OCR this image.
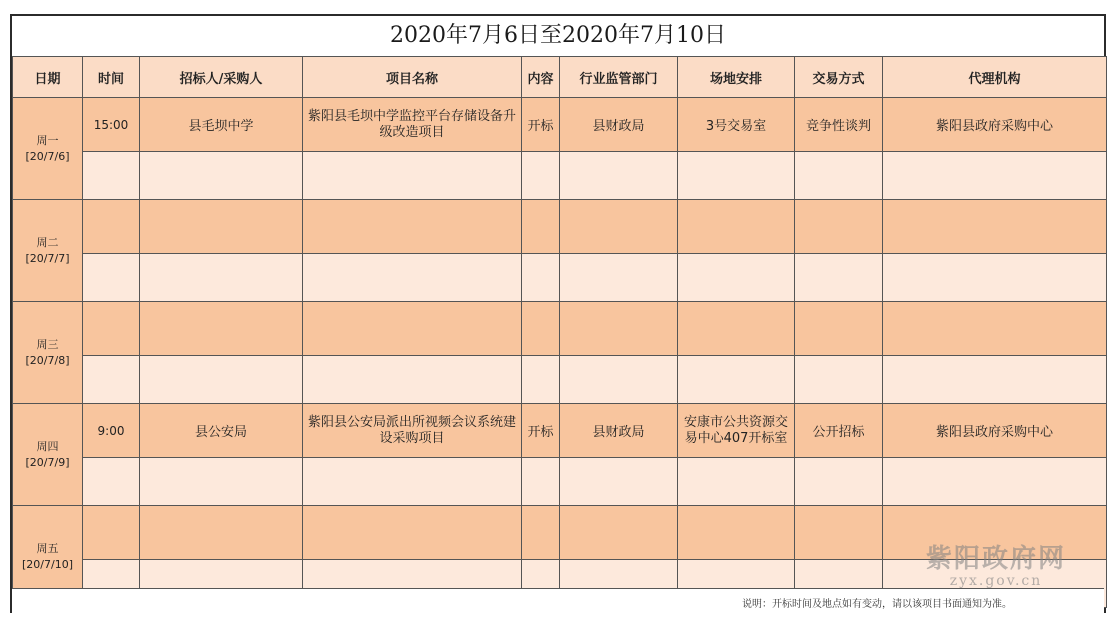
2020年7月6日至2020年7月10日
日期	时间	招标人/采购人	项目名称	内容	行业监管部门	场地安排	交易方式	代理机构

周一
[20/7/6]	15:00	县毛坝中学	紫阳县毛坝中学监控平台存储设备升级改造项目	开标	县财政局	3号交易室	竞争性谈判	紫阳县政府采购中心

周二
[20/7/7]								

周三
[20/7/8]								

周四
[20/7/9]	9:00	县公安局	紫阳县公安局派出所视频会议系统建设采购项目	开标	县财政局	安康市公共资源交易中心407开标室	公开招标	紫阳县政府采购中心

周五
[20/7/10]								

说明：开标时间及地点如有变动，请以该项目书面通知为准。
紫阳政府网
zyx.gov.cn
